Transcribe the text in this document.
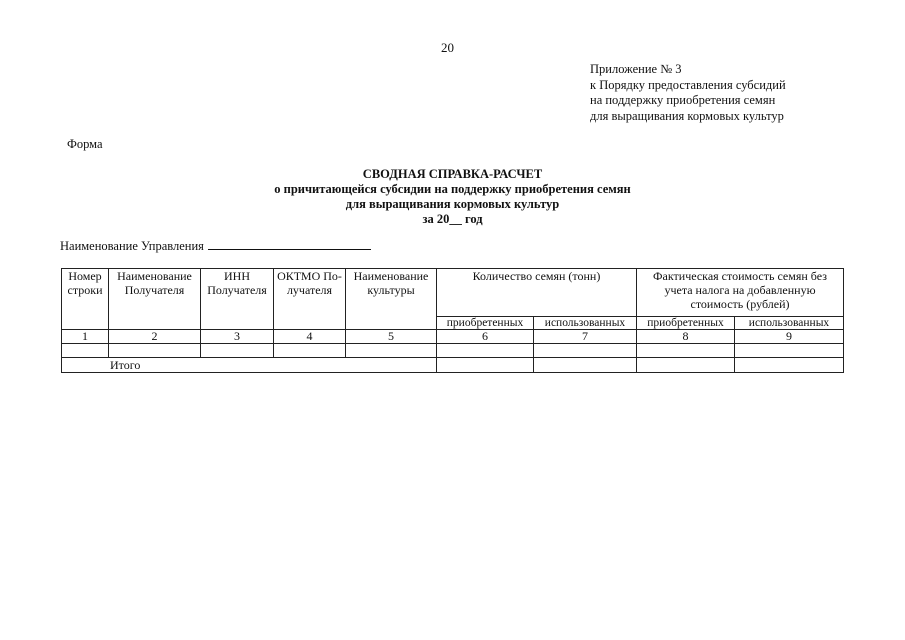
20
Приложение № 3
к Порядку предоставления субсидий
на поддержку приобретения семян
для выращивания кормовых культур
Форма
СВОДНАЯ СПРАВКА-РАСЧЕТ
о причитающейся субсидии на поддержку приобретения семян
для выращивания кормовых культур
за 20__ год
Наименование Управления
Номер строки	Наименование Получателя	ИНН Получателя	ОКТМО По-лучателя	Наименование культуры	Количество семян (тонн)		Фактическая стоимость семян без учета налога на добавленную стоимость (рублей)	
					приобретенных	использованных	приобретенных	использованных
1	2	3	4	5	6	7	8	9

Итого								
